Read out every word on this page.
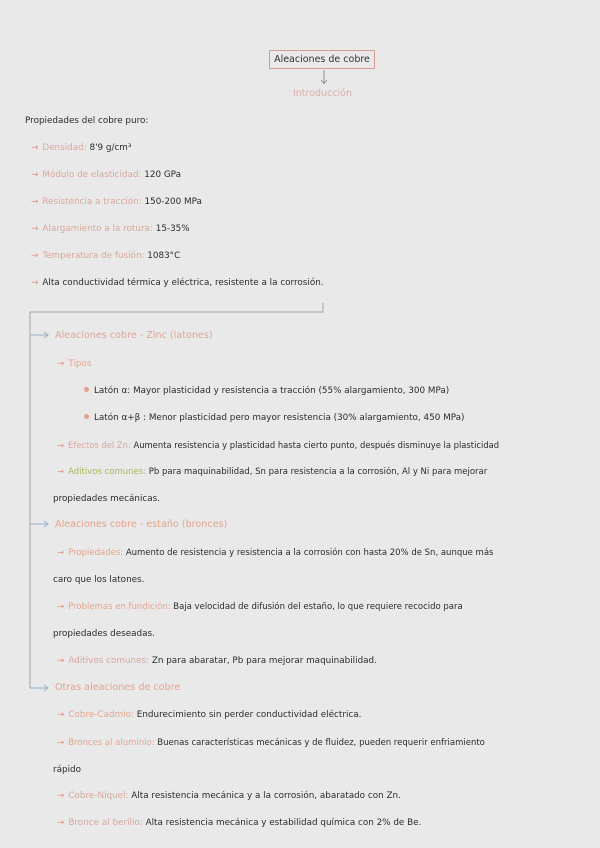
Aleaciones de cobre
Introducción
Propiedades del cobre puro:
→ Densidad: 8'9 g/cm³
→ Módulo de elasticidad: 120 GPa
→ Resistencia a tracción: 150-200 MPa
→ Alargamiento a la rotura: 15-35%
→ Temperatura de fusión: 1083°C
→ Alta conductividad térmica y eléctrica, resistente a la corrosión.
Aleaciones cobre - Zinc (latones)
→ Tipos
Latón α: Mayor plasticidad y resistencia a tracción (55% alargamiento, 300 MPa)
Latón α+β : Menor plasticidad pero mayor resistencia (30% alargamiento, 450 MPa)
→ Efectos del Zn: Aumenta resistencia y plasticidad hasta cierto punto, después disminuye la plasticidad
→ Aditivos comunes: Pb para maquinabilidad, Sn para resistencia a la corrosión, Al y Ni para mejorar
propiedades mecánicas.
Aleaciones cobre - estaño (bronces)
→ Propiedades: Aumento de resistencia y resistencia a la corrosión con hasta 20% de Sn, aunque más
caro que los latones.
→ Problemas en fundición: Baja velocidad de difusión del estaño, lo que requiere recocido para
propiedades deseadas.
→ Aditivos comunes: Zn para abaratar, Pb para mejorar maquinabilidad.
Otras aleaciones de cobre
→ Cobre-Cadmio: Endurecimiento sin perder conductividad eléctrica.
→ Bronces al aluminio: Buenas características mecánicas y de fluidez, pueden requerir enfriamiento
rápido
→ Cobre-Níquel: Alta resistencia mecánica y a la corrosión, abaratado con Zn.
→ Bronce al berilio: Alta resistencia mecánica y estabilidad química con 2% de Be.
